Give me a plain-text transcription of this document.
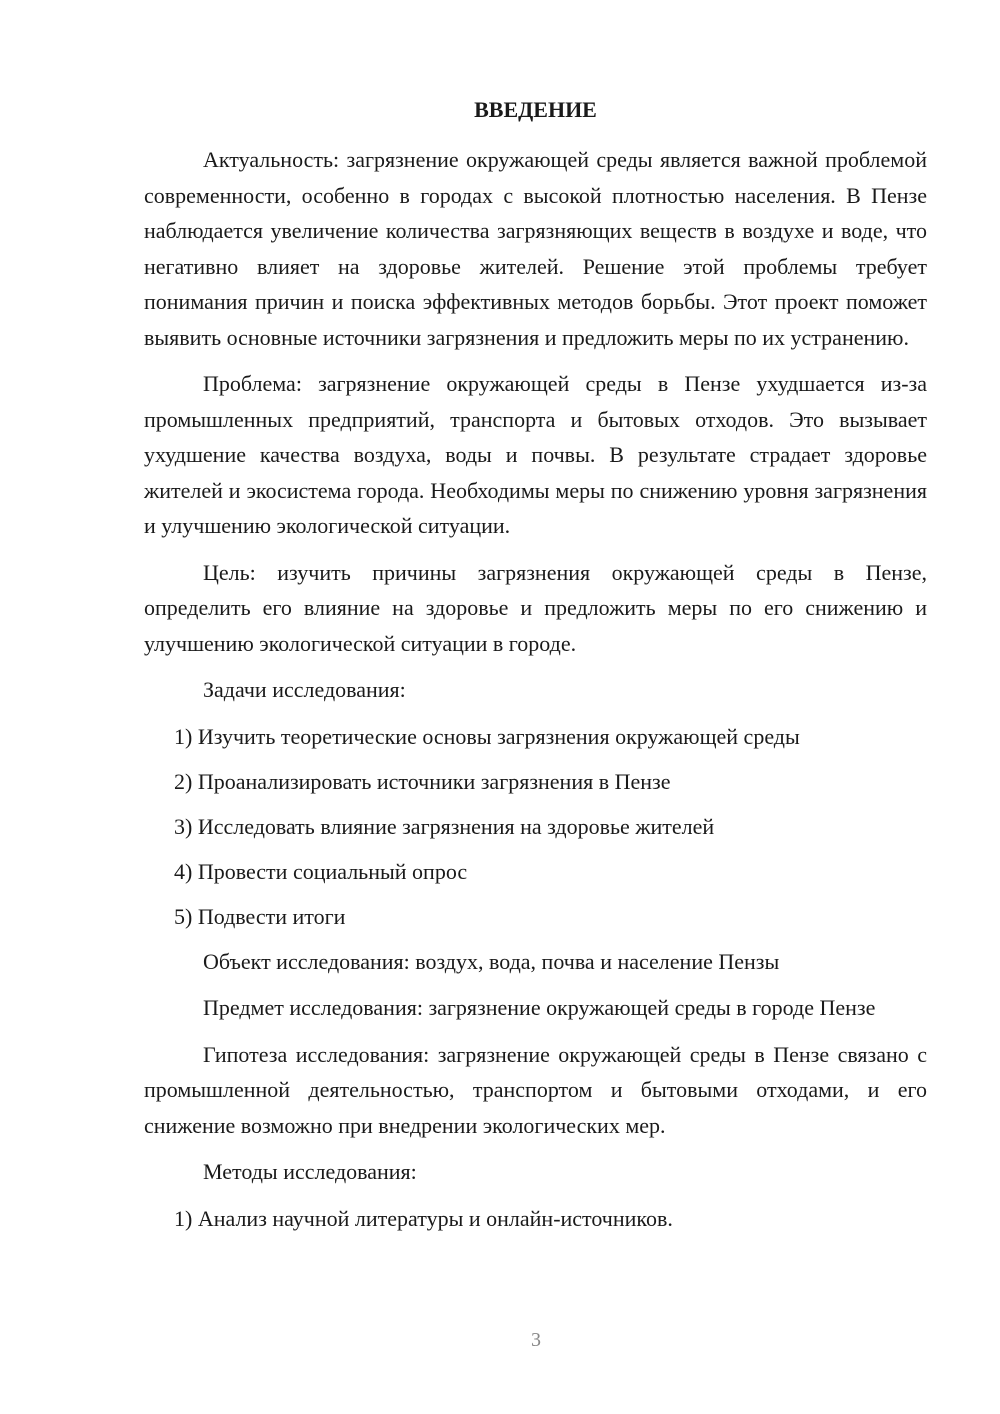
ВВЕДЕНИЕ

Актуальность: загрязнение окружающей среды является важной проблемой современности, особенно в городах с высокой плотностью населения. В Пензе наблюдается увеличение количества загрязняющих веществ в воздухе и воде, что негативно влияет на здоровье жителей. Решение этой проблемы требует понимания причин и поиска эффективных методов борьбы. Этот проект поможет выявить основные источники загрязнения и предложить меры по их устранению.

Проблема: загрязнение окружающей среды в Пензе ухудшается из-за промышленных предприятий, транспорта и бытовых отходов. Это вызывает ухудшение качества воздуха, воды и почвы. В результате страдает здоровье жителей и экосистема города. Необходимы меры по снижению уровня загрязнения и улучшению экологической ситуации.

Цель: изучить причины загрязнения окружающей среды в Пензе, определить его влияние на здоровье и предложить меры по его снижению и улучшению экологической ситуации в городе.

Задачи исследования:

1) Изучить теоретические основы загрязнения окружающей среды
2) Проанализировать источники загрязнения в Пензе
3) Исследовать влияние загрязнения на здоровье жителей
4) Провести социальный опрос
5) Подвести итоги

Объект исследования: воздух, вода, почва и население Пензы

Предмет исследования: загрязнение окружающей среды в городе Пензе

Гипотеза исследования: загрязнение окружающей среды в Пензе связано с промышленной деятельностью, транспортом и бытовыми отходами, и его снижение возможно при внедрении экологических мер.

Методы исследования:

1) Анализ научной литературы и онлайн-источников.
3
